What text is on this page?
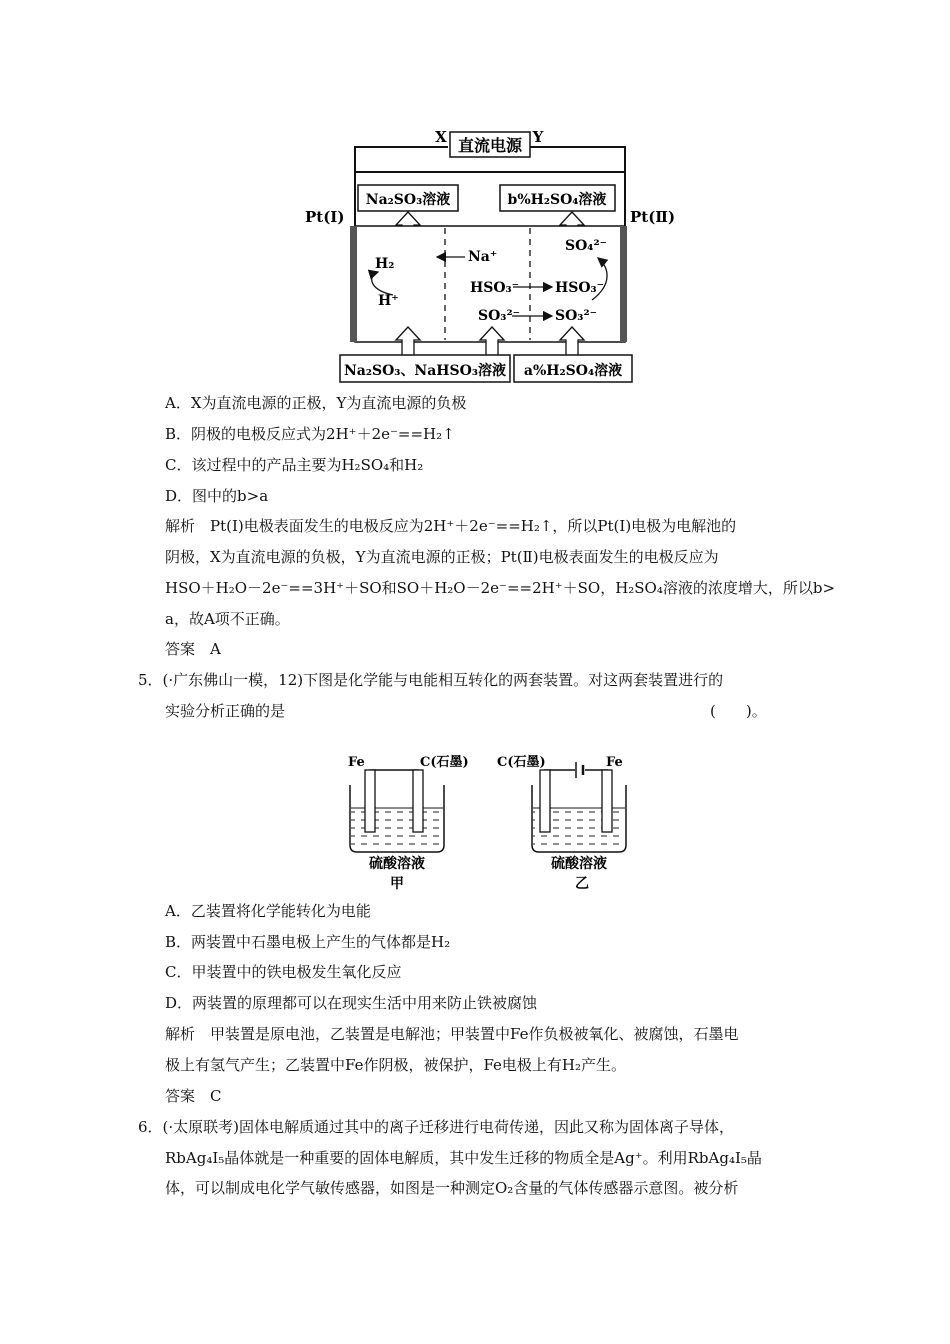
直流电源
X	Y
Na₂SO₃溶液	b%H₂SO₄溶液
Pt(Ⅰ)	Pt(Ⅱ)
H₂
H⁺
Na⁺
HSO₃⁻	HSO₃⁻
SO₃²⁻	SO₃²⁻
SO₄²⁻
Na₂SO₃、NaHSO₃溶液 a%H₂SO₄溶液
A．X为直流电源的正极，Y为直流电源的负极
B．阴极的电极反应式为2H⁺＋2e⁻==H₂↑
C．该过程中的产品主要为H₂SO₄和H₂
D．图中的b>a
解析　Pt(Ⅰ)电极表面发生的电极反应为2H⁺＋2e⁻==H₂↑，所以Pt(Ⅰ)电极为电解池的
阴极，X为直流电源的负极，Y为直流电源的正极；Pt(Ⅱ)电极表面发生的电极反应为
HSO＋H₂O－2e⁻==3H⁺＋SO和SO＋H₂O－2e⁻==2H⁺＋SO，H₂SO₄溶液的浓度增大，所以b>
a，故A项不正确。
答案　A
5．(·广东佛山一模，12)下图是化学能与电能相互转化的两套装置。对这两套装置进行的
实验分析正确的是	(　　)。
Fe	C(石墨)
硫酸溶液
甲
C(石墨)	Fe
硫酸溶液
乙
A．乙装置将化学能转化为电能
B．两装置中石墨电极上产生的气体都是H₂
C．甲装置中的铁电极发生氧化反应
D．两装置的原理都可以在现实生活中用来防止铁被腐蚀
解析　甲装置是原电池，乙装置是电解池；甲装置中Fe作负极被氧化、被腐蚀，石墨电
极上有氢气产生；乙装置中Fe作阴极，被保护，Fe电极上有H₂产生。
答案　C
6．(·太原联考)固体电解质通过其中的离子迁移进行电荷传递，因此又称为固体离子导体，
RbAg₄I₅晶体就是一种重要的固体电解质，其中发生迁移的物质全是Ag⁺。利用RbAg₄I₅晶
体，可以制成电化学气敏传感器，如图是一种测定O₂含量的气体传感器示意图。被分析
